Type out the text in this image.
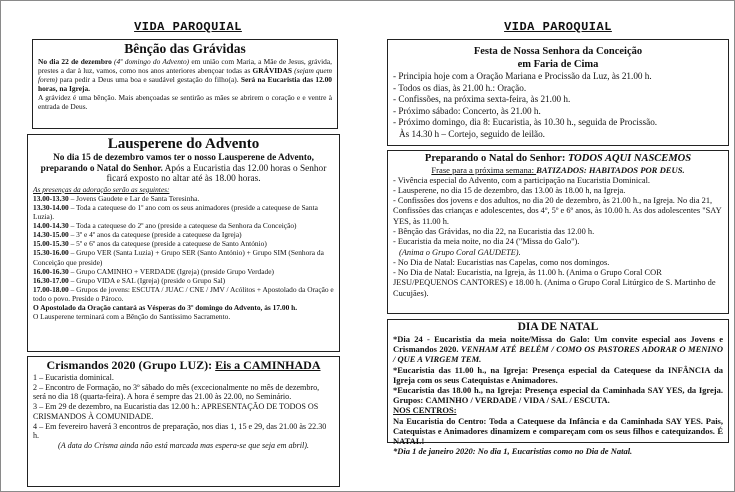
VIDA PAROQUIAL
Bênção das Grávidas

No dia 22 de dezembro (4º domingo do Advento) em união com Maria, a Mãe de Jesus, grávida, prestes a dar à luz, vamos, como nos anos anteriores abençoar todas as GRÁVIDAS (sejam quem forem) para pedir a Deus uma boa e saudável gestação do filho(a). Será na Eucaristia das 12.00 horas, na Igreja.

A grávidez é uma bênção. Mais abençoadas se sentirão as mães se abrirem o coração e e ventre à entrada de Deus.

Lausperene do Advento

No dia 15 de dezembro vamos ter o nosso Lausperene de Advento, preparando o Natal do Senhor. Após a Eucaristia das 12.00 horas o Senhor ficará exposto no altar até às 18.00 horas.

As presenças da adoração serão as seguintes:

13.00-13.30 – Jovens Gaudete e Lar de Santa Teresinha.

13.30-14.00 – Toda a catequese do 1º ano com os seus animadores (preside a catequese de Santa Luzia).

14.00-14.30 – Toda a catequese do 2º ano (preside a catequese da Senhora da Conceição)

14.30-15.00 – 3º e 4º anos da catequese (preside a catequese da Igreja)

15.00-15.30 – 5º e 6º anos da catequese (preside a catequese de Santo António)

15.30-16.00 – Grupo VER (Santa Luzia) + Grupo SER (Santo António) + Grupo SIM (Senhora da Conceição que preside)

16.00-16.30 – Grupo CAMINHO + VERDADE (Igreja) (preside Grupo Verdade)

16.30-17.00 – Grupo VIDA e SAL (Igreja) (preside o Grupo Sal)

17.00-18.00 – Grupos de jovens: ESCUTA / JUAC / CNE / JMV / Acólitos + Apostolado da Oração e todo o povo. Preside o Pároco.

O Apostolado da Oração cantará as Vésperas do 3º domingo do Advento, às 17.00 h.

O Lausperene terminará com a Bênção do Santíssimo Sacramento.

Crismandos 2020 (Grupo LUZ): Eis a CAMINHADA
1 – Eucaristia dominical.
2 – Encontro de Formação, no 3º sábado do mês (excecionalmente no mês de dezembro, será no dia 18 (quarta-feira). A hora é sempre das 21.00 às 22.00, no Seminário.
3 – Em 29 de dezembro, na Eucaristia das 12.00 h.: APRESENTAÇÃO DE TODOS OS CRISMANDOS À COMUNIDADE.
4 – Em fevereiro haverá 3 encontros de preparação, nos dias 1, 15 e 29, das 21.00 às 22.30 h.

(A data do Crisma ainda não está marcada mas espera-se que seja em abril).

VIDA PAROQUIAL
Festa de Nossa Senhora da Conceição
em Faria de Cima
- Principia hoje com a Oração Mariana e Procissão da Luz, às 21.00 h.
- Todos os dias, às 21.00 h.: Oração.
- Confissões, na próxima sexta-feira, às 21.00 h.
- Próximo sábado: Concerto, às 21.00 h.
- Próximo domingo, dia 8: Eucaristia, às 10.30 h., seguida de Procissão.
Às 14.30 h – Cortejo, seguido de leilão.
Preparando o Natal do Senhor: TODOS AQUI NASCEMOS

Frase para a próxima semana: BATIZADOS: HABITADOS POR DEUS.

- Vivência especial do Advento, com a participação na Eucaristia Dominical.
- Lausperene, no dia 15 de dezembro, das 13.00 às 18.00 h, na Igreja.
- Confissões dos jovens e dos adultos, no dia 20 de dezembro, às 21.00 h., na Igreja. No dia 21, Confissões das crianças e adolescentes, dos 4º, 5º e 6º anos, às 10.00 h. As dos adolescentes "SAY YES, às 11.00 h.
- Bênção das Grávidas, no dia 22, na Eucaristia das 12.00 h.
- Eucaristia da meia noite, no dia 24 ("Missa do Galo").
(Anima o Grupo Coral GAUDETE).
- No Dia de Natal: Eucaristias nas Capelas, como nos domingos.
- No Dia de Natal: Eucaristia, na Igreja, às 11.00 h. (Anima o Grupo Coral COR JESU/PEQUENOS CANTORES) e 18.00 h. (Anima o Grupo Coral Litúrgico de S. Martinho de Cucujães).
DIA DE NATAL

*Dia 24 - Eucaristia da meia noite/Missa do Galo: Um convite especial aos Jovens e Crismandos 2020. VENHAM ATÉ BELÉM / COMO OS PASTORES ADORAR O MENINO / QUE A VIRGEM TEM.

*Eucaristia das 11.00 h., na Igreja: Presença especial da Catequese da INFÂNCIA da Igreja com os seus Catequistas e Animadores.

*Eucaristia das 18.00 h., na Igreja: Presença especial da Caminhada SAY YES, da Igreja. Grupos: CAMINHO / VERDADE / VIDA / SAL / ESCUTA.

NOS CENTROS:

Na Eucaristia do Centro: Toda a Catequese da Infância e da Caminhada SAY YES. Pais, Catequistas e Animadores dinamizem e compareçam com os seus filhos e catequizandos. É NATAL!

*Dia 1 de janeiro 2020: No dia 1, Eucaristias como no Dia de Natal.
